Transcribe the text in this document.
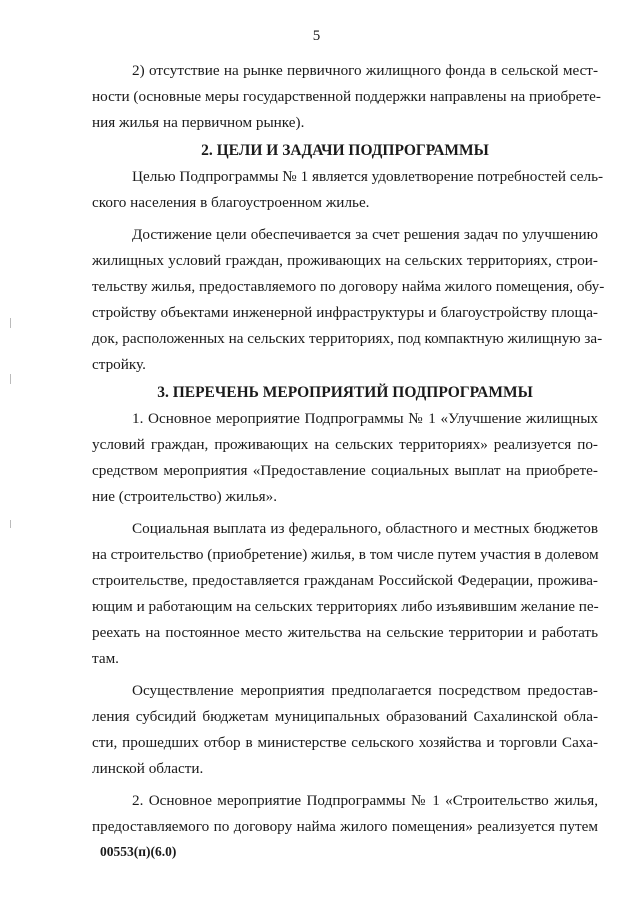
5
2) отсутствие на рынке первичного жилищного фонда в сельской мест-
ности (основные меры государственной поддержки направлены на приобрете-
ния жилья на первичном рынке).
2. ЦЕЛИ И ЗАДАЧИ ПОДПРОГРАММЫ
Целью Подпрограммы № 1 является удовлетворение потребностей сель-
ского населения в благоустроенном жилье.
Достижение цели обеспечивается за счет решения задач по улучшению
жилищных условий граждан, проживающих на сельских территориях, строи-
тельству жилья, предоставляемого по договору найма жилого помещения, обу-
стройству объектами инженерной инфраструктуры и благоустройству площа-
док, расположенных на сельских территориях, под компактную жилищную за-
стройку.
3. ПЕРЕЧЕНЬ МЕРОПРИЯТИЙ ПОДПРОГРАММЫ
1. Основное мероприятие Подпрограммы № 1 «Улучшение жилищных
условий граждан, проживающих на сельских территориях» реализуется по-
средством мероприятия «Предоставление социальных выплат на приобрете-
ние (строительство) жилья».
Социальная выплата из федерального, областного и местных бюджетов
на строительство (приобретение) жилья, в том числе путем участия в долевом
строительстве, предоставляется гражданам Российской Федерации, прожива-
ющим и работающим на сельских территориях либо изъявившим желание пе-
реехать на постоянное место жительства на сельские территории и работать
там.
Осуществление мероприятия предполагается посредством предостав-
ления субсидий бюджетам муниципальных образований Сахалинской обла-
сти, прошедших отбор в министерстве сельского хозяйства и торговли Саха-
линской области.
2. Основное мероприятие Подпрограммы № 1 «Строительство жилья,
предоставляемого по договору найма жилого помещения» реализуется путем
00553(п)(6.0)
